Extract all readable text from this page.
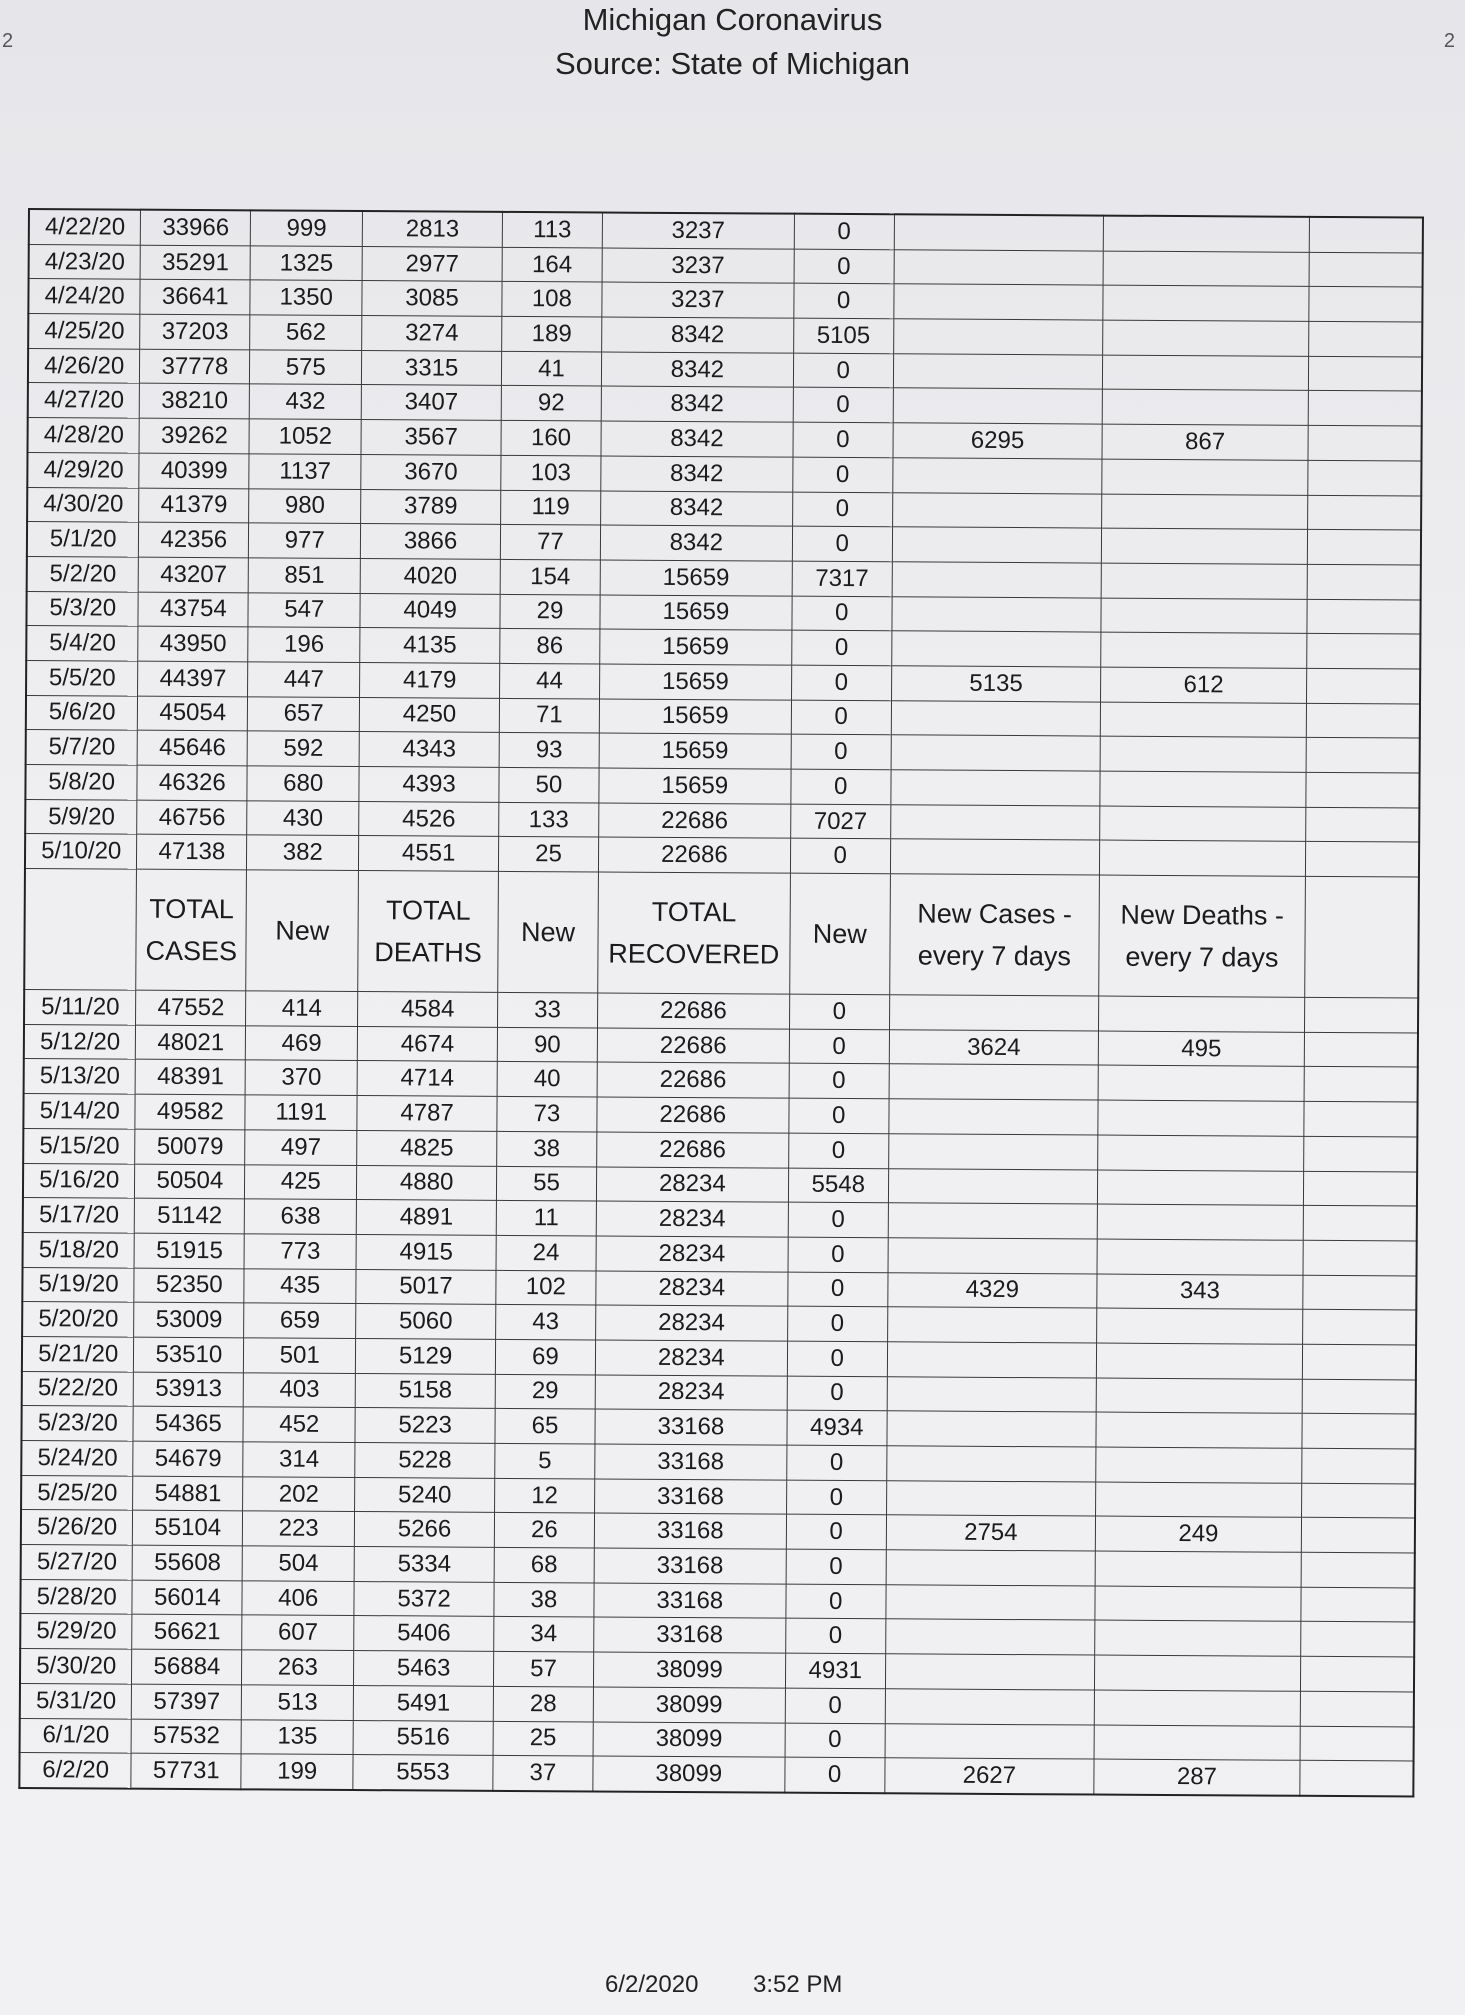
2	2
Michigan Coronavirus
Source: State of Michigan
4/22/20	33966	999	2813	113	3237	0			
4/23/20	35291	1325	2977	164	3237	0			
4/24/20	36641	1350	3085	108	3237	0			
4/25/20	37203	562	3274	189	8342	5105			
4/26/20	37778	575	3315	41	8342	0			
4/27/20	38210	432	3407	92	8342	0			
4/28/20	39262	1052	3567	160	8342	0	6295	867	
4/29/20	40399	1137	3670	103	8342	0			
4/30/20	41379	980	3789	119	8342	0			
5/1/20	42356	977	3866	77	8342	0			
5/2/20	43207	851	4020	154	15659	7317			
5/3/20	43754	547	4049	29	15659	0			
5/4/20	43950	196	4135	86	15659	0			
5/5/20	44397	447	4179	44	15659	0	5135	612	
5/6/20	45054	657	4250	71	15659	0			
5/7/20	45646	592	4343	93	15659	0			
5/8/20	46326	680	4393	50	15659	0			
5/9/20	46756	430	4526	133	22686	7027			
5/10/20	47138	382	4551	25	22686	0			
	TOTAL CASES	New	TOTAL DEATHS	New	TOTAL RECOVERED	New	New Cases - every 7 days	New Deaths - every 7 days	
5/11/20	47552	414	4584	33	22686	0			
5/12/20	48021	469	4674	90	22686	0	3624	495	
5/13/20	48391	370	4714	40	22686	0			
5/14/20	49582	1191	4787	73	22686	0			
5/15/20	50079	497	4825	38	22686	0			
5/16/20	50504	425	4880	55	28234	5548			
5/17/20	51142	638	4891	11	28234	0			
5/18/20	51915	773	4915	24	28234	0			
5/19/20	52350	435	5017	102	28234	0	4329	343	
5/20/20	53009	659	5060	43	28234	0			
5/21/20	53510	501	5129	69	28234	0			
5/22/20	53913	403	5158	29	28234	0			
5/23/20	54365	452	5223	65	33168	4934			
5/24/20	54679	314	5228	5	33168	0			
5/25/20	54881	202	5240	12	33168	0			
5/26/20	55104	223	5266	26	33168	0	2754	249	
5/27/20	55608	504	5334	68	33168	0			
5/28/20	56014	406	5372	38	33168	0			
5/29/20	56621	607	5406	34	33168	0			
5/30/20	56884	263	5463	57	38099	4931			
5/31/20	57397	513	5491	28	38099	0			
6/1/20	57532	135	5516	25	38099	0			
6/2/20	57731	199	5553	37	38099	0	2627	287	
6/2/2020 3:52 PM
